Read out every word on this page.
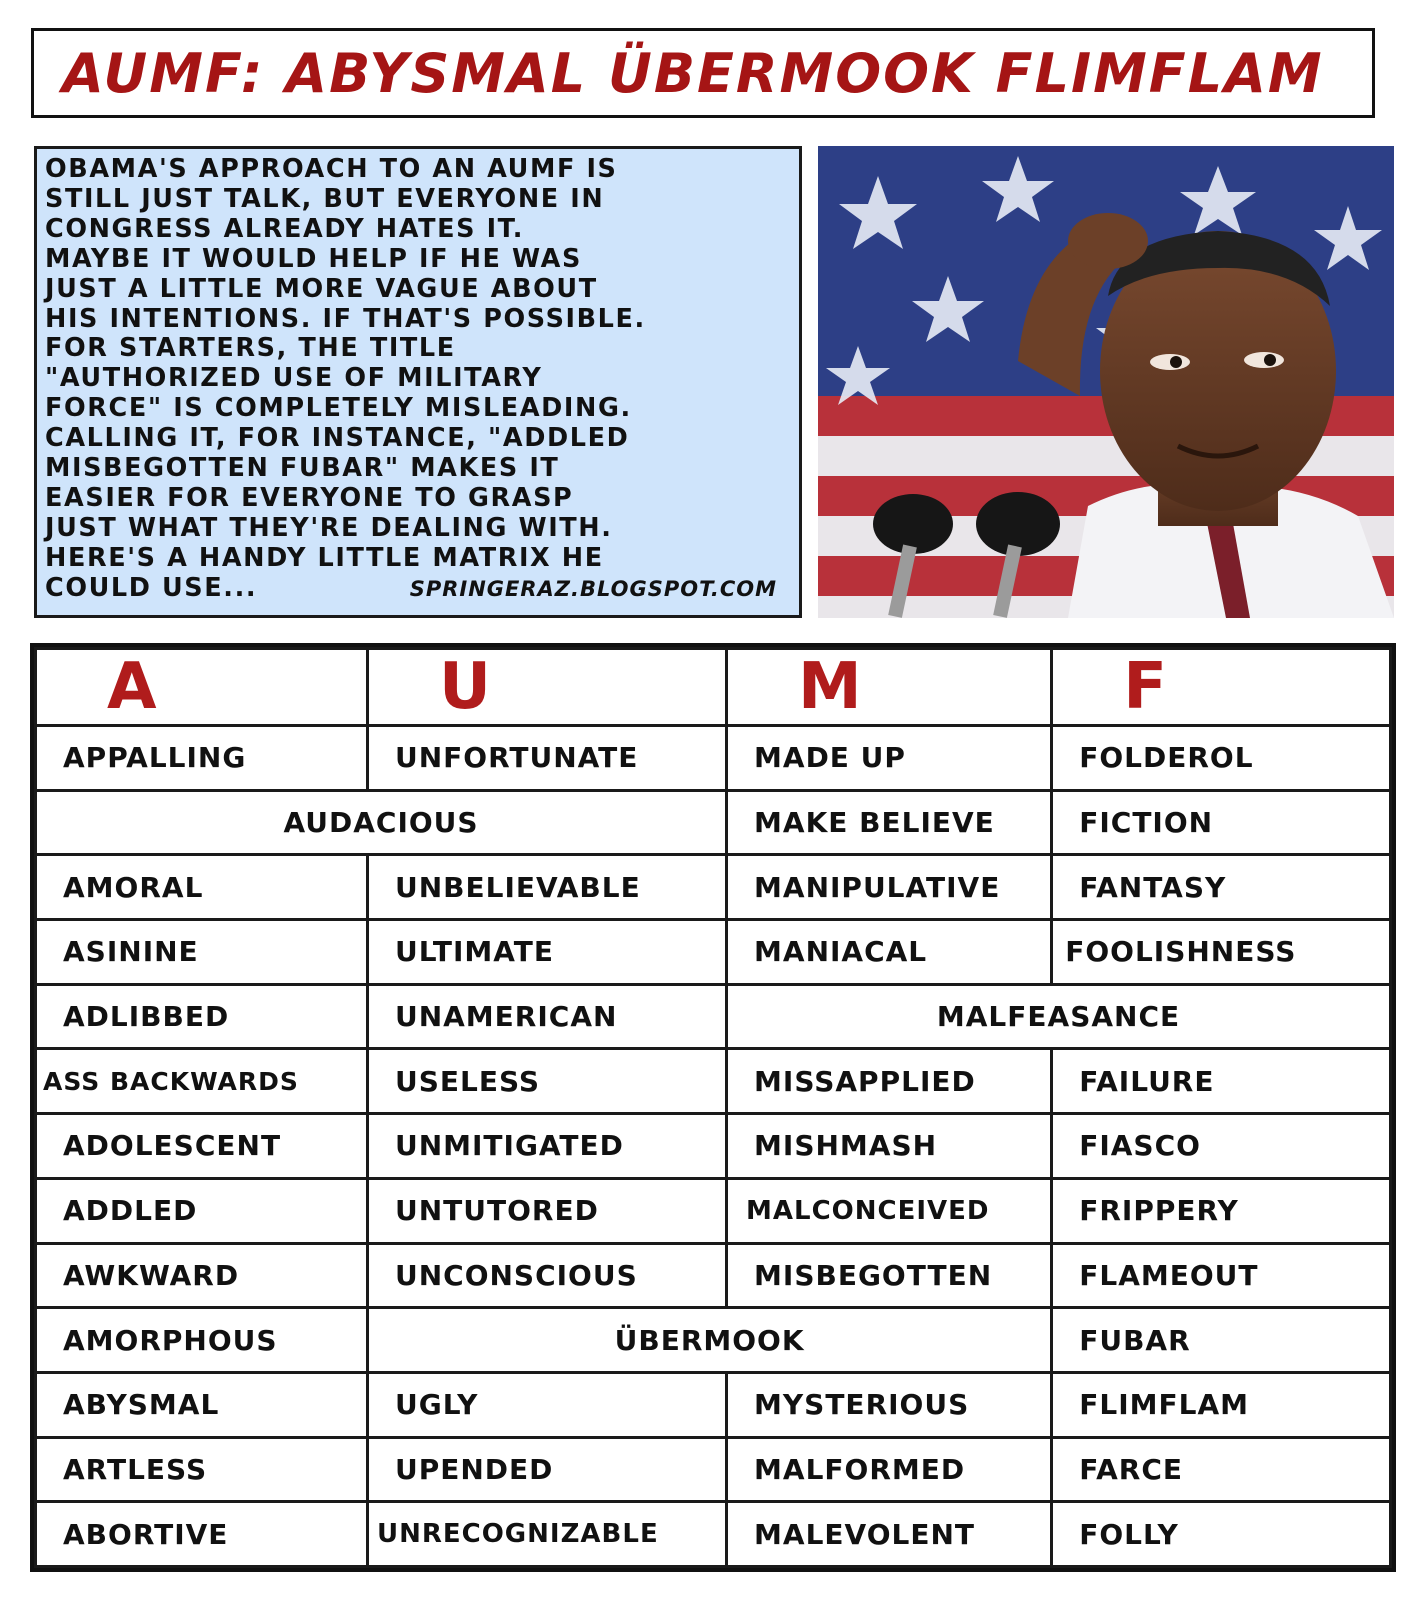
AUMF: ABYSMAL ÜBERMOOK FLIMFLAM

OBAMA'S APPROACH TO AN AUMF IS
STILL JUST TALK, BUT EVERYONE IN
CONGRESS ALREADY HATES IT.
MAYBE IT WOULD HELP IF HE WAS
JUST A LITTLE MORE VAGUE ABOUT
HIS INTENTIONS. IF THAT'S POSSIBLE.
FOR STARTERS, THE TITLE
"AUTHORIZED USE OF MILITARY
FORCE" IS COMPLETELY MISLEADING.
CALLING IT, FOR INSTANCE, "ADDLED
MISBEGOTTEN FUBAR" MAKES IT
EASIER FOR EVERYONE TO GRASP
JUST WHAT THEY'RE DEALING WITH.
HERE'S A HANDY LITTLE MATRIX HE
COULD USE...	SPRINGERAZ.BLOGSPOT.COM
A	U	M	F
APPALLING	UNFORTUNATE	MADE UP	FOLDEROL
AUDACIOUS		MAKE BELIEVE	FICTION
AMORAL	UNBELIEVABLE	MANIPULATIVE	FANTASY
ASININE	ULTIMATE	MANIACAL	FOOLISHNESS
ADLIBBED	UNAMERICAN	MALFEASANCE	
ASS BACKWARDS	USELESS	MISSAPPLIED	FAILURE
ADOLESCENT	UNMITIGATED	MISHMASH	FIASCO
ADDLED	UNTUTORED	MALCONCEIVED	FRIPPERY
AWKWARD	UNCONSCIOUS	MISBEGOTTEN	FLAMEOUT
AMORPHOUS	ÜBERMOOK		FUBAR
ABYSMAL	UGLY	MYSTERIOUS	FLIMFLAM
ARTLESS	UPENDED	MALFORMED	FARCE
ABORTIVE	UNRECOGNIZABLE	MALEVOLENT	FOLLY
